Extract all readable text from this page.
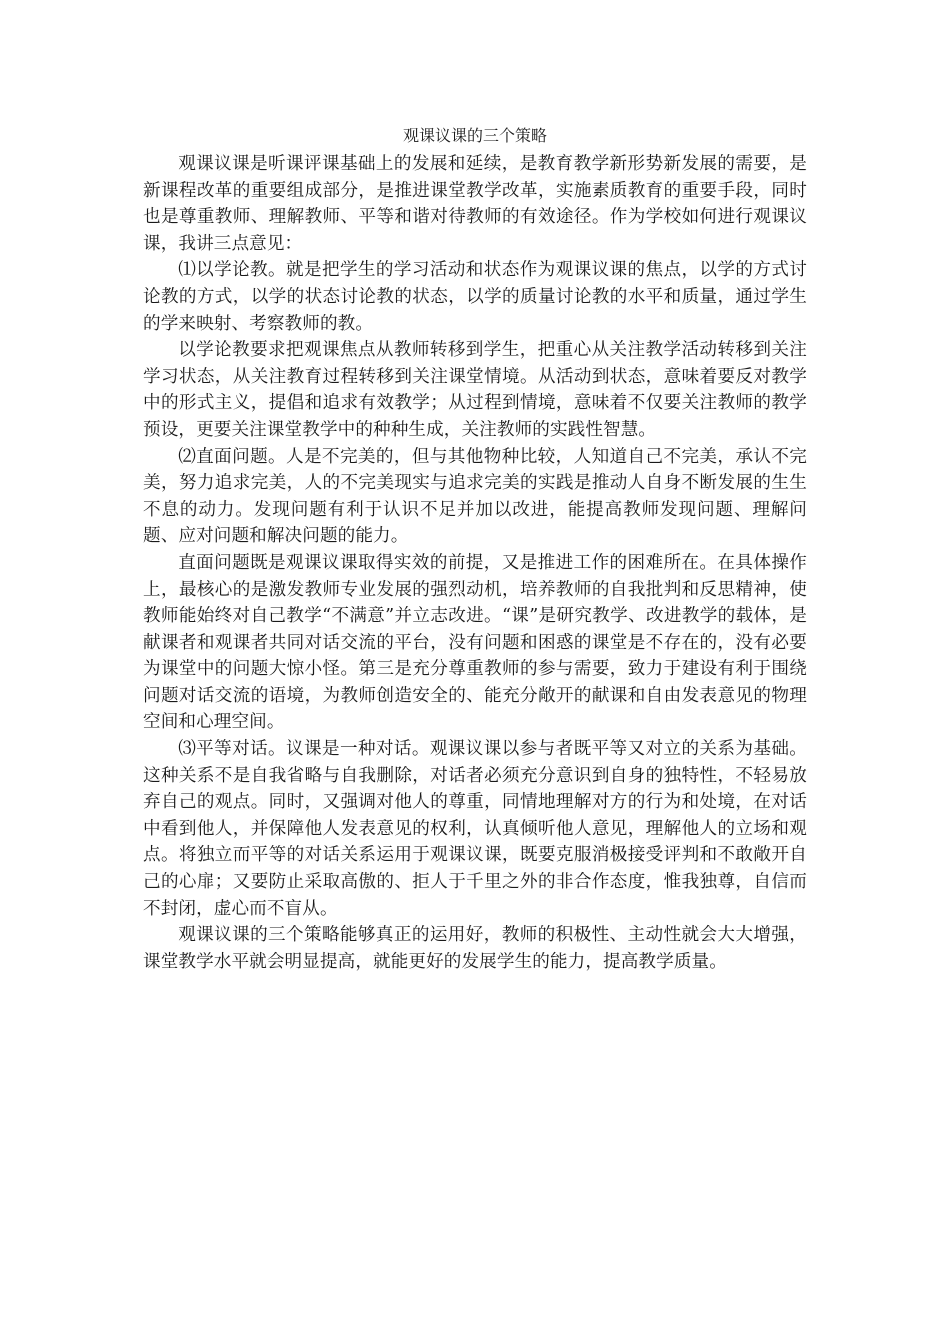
观课议课的三个策略

观课议课是听课评课基础上的发展和延续，是教育教学新形势新发展的需要，是新课程改革的重要组成部分，是推进课堂教学改革，实施素质教育的重要手段，同时也是尊重教师、理解教师、平等和谐对待教师的有效途径。作为学校如何进行观课议课，我讲三点意见：

⑴以学论教。就是把学生的学习活动和状态作为观课议课的焦点，以学的方式讨论教的方式，以学的状态讨论教的状态，以学的质量讨论教的水平和质量，通过学生的学来映射、考察教师的教。

以学论教要求把观课焦点从教师转移到学生，把重心从关注教学活动转移到关注学习状态，从关注教育过程转移到关注课堂情境。从活动到状态，意味着要反对教学中的形式主义，提倡和追求有效教学；从过程到情境，意味着不仅要关注教师的教学预设，更要关注课堂教学中的种种生成，关注教师的实践性智慧。

⑵直面问题。人是不完美的，但与其他物种比较，人知道自己不完美，承认不完美，努力追求完美，人的不完美现实与追求完美的实践是推动人自身不断发展的生生不息的动力。发现问题有利于认识不足并加以改进，能提高教师发现问题、理解问题、应对问题和解决问题的能力。

直面问题既是观课议课取得实效的前提，又是推进工作的困难所在。在具体操作上，最核心的是激发教师专业发展的强烈动机，培养教师的自我批判和反思精神，使教师能始终对自己教学“不满意”并立志改进。“课”是研究教学、改进教学的载体，是献课者和观课者共同对话交流的平台，没有问题和困惑的课堂是不存在的，没有必要为课堂中的问题大惊小怪。第三是充分尊重教师的参与需要，致力于建设有利于围绕问题对话交流的语境，为教师创造安全的、能充分敞开的献课和自由发表意见的物理空间和心理空间。

⑶平等对话。议课是一种对话。观课议课以参与者既平等又对立的关系为基础。这种关系不是自我省略与自我删除，对话者必须充分意识到自身的独特性，不轻易放弃自己的观点。同时，又强调对他人的尊重，同情地理解对方的行为和处境，在对话中看到他人，并保障他人发表意见的权利，认真倾听他人意见，理解他人的立场和观点。将独立而平等的对话关系运用于观课议课，既要克服消极接受评判和不敢敞开自己的心扉；又要防止采取高傲的、拒人于千里之外的非合作态度，惟我独尊，自信而不封闭，虚心而不盲从。

观课议课的三个策略能够真正的运用好，教师的积极性、主动性就会大大增强，课堂教学水平就会明显提高，就能更好的发展学生的能力，提高教学质量。
